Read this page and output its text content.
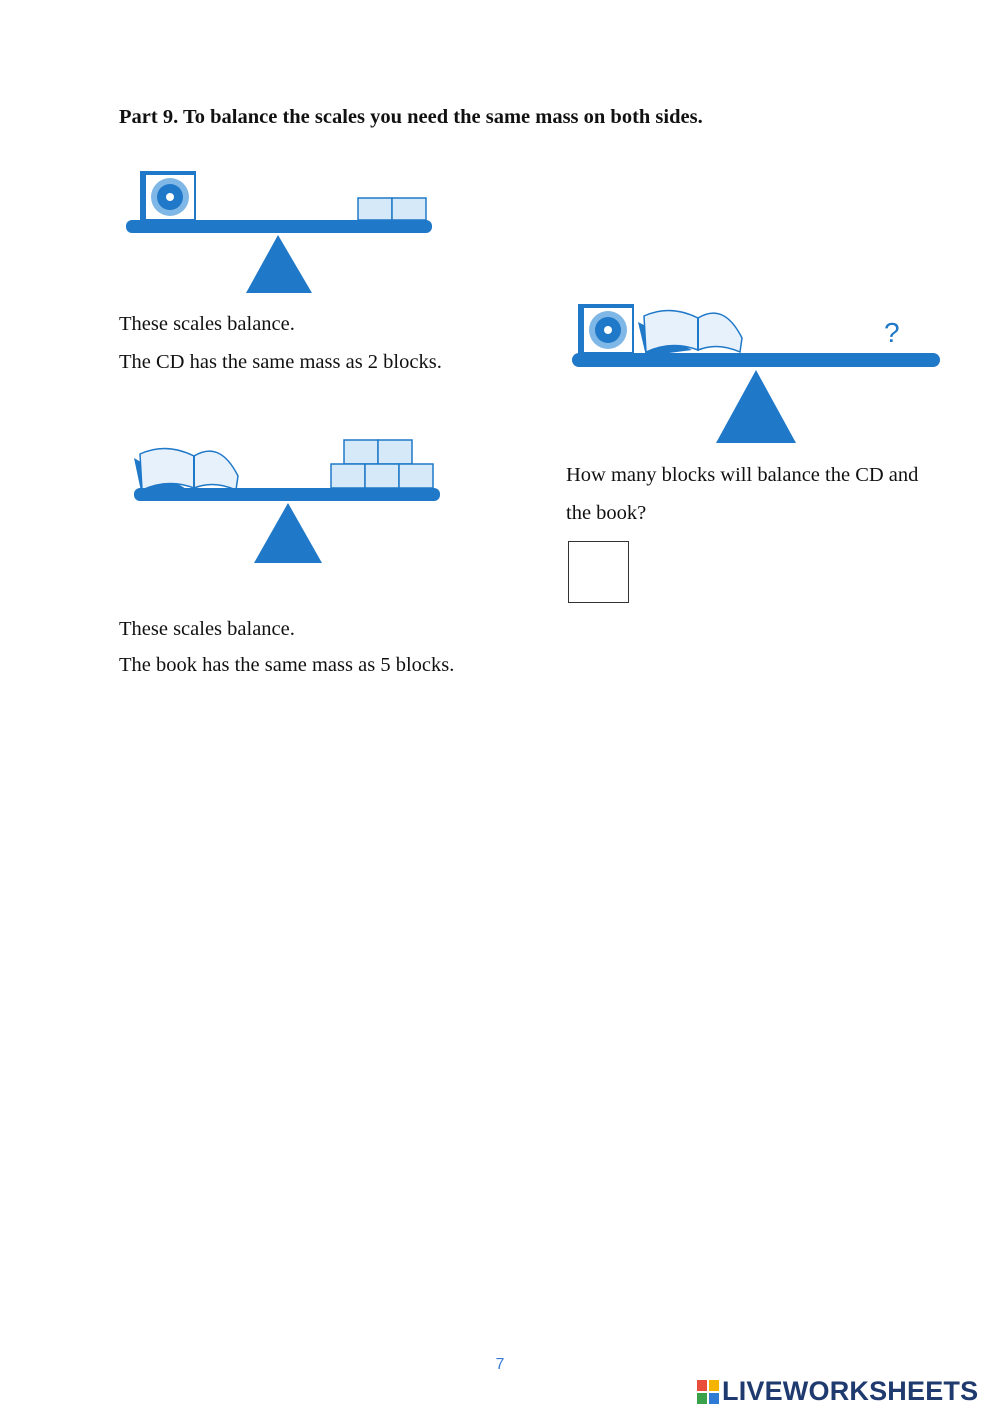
Part 9. To balance the scales you need the same mass on both sides.
These scales balance.
The CD has the same mass as 2 blocks.
These scales balance.
The book has the same mass as 5 blocks.
?
How many blocks will balance the CD and
the book?
7
LIVEWORKSHEETS
